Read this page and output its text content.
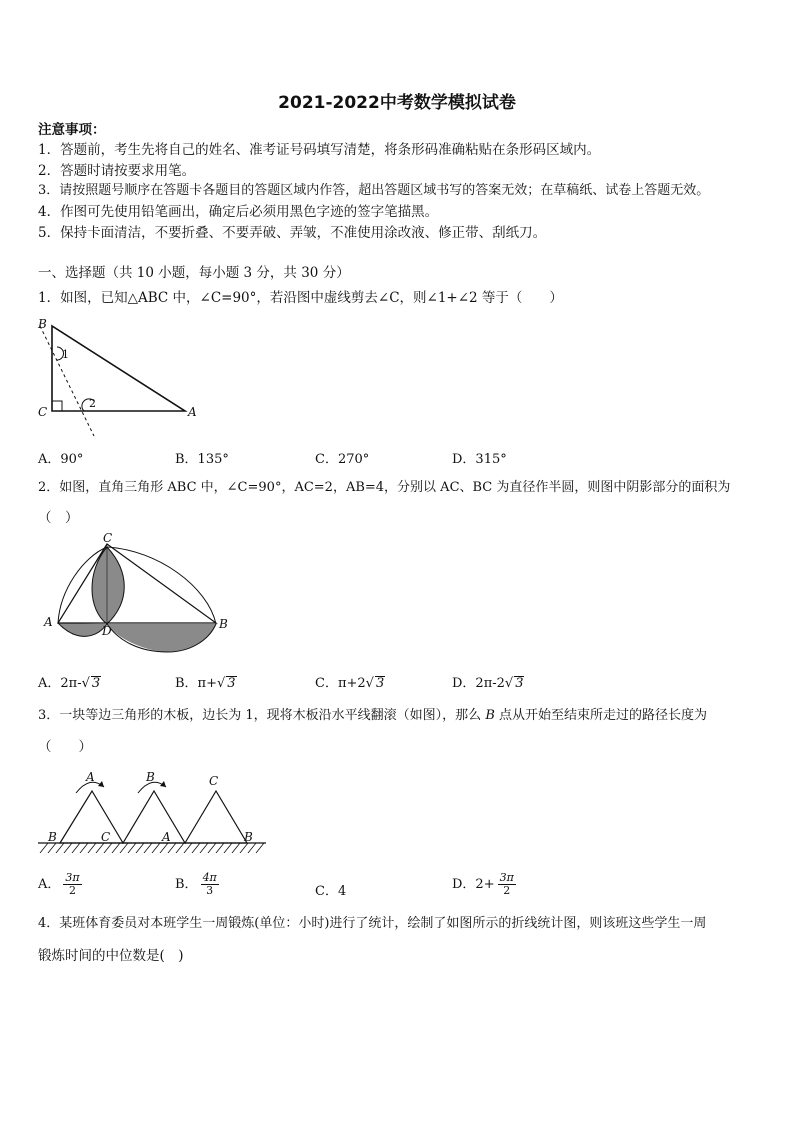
2021-2022中考数学模拟试卷
注意事项：
1．答题前，考生先将自己的姓名、准考证号码填写清楚，将条形码准确粘贴在条形码区域内。
2．答题时请按要求用笔。
3．请按照题号顺序在答题卡各题目的答题区域内作答，超出答题区域书写的答案无效；在草稿纸、试卷上答题无效。
4．作图可先使用铅笔画出，确定后必须用黑色字迹的签字笔描黑。
5．保持卡面清洁，不要折叠、不要弄破、弄皱，不准使用涂改液、修正带、刮纸刀。
一、选择题（共 10 小题，每小题 3 分，共 30 分）
1．如图，已知△ABC 中，∠C=90°，若沿图中虚线剪去∠C，则∠1+∠2 等于（　　）
B
C	A
1
2
A．90°	B．135°	C．270°	D．315°
2．如图，直角三角形 ABC 中，∠C=90°，AC=2，AB=4，分别以 AC、BC 为直径作半圆，则图中阴影部分的面积为
（　）
C
A
D	B
A．2π-√ 3	B．π+√ 3	C．π+2√ 3	D．2π-2√ 3
3．一块等边三角形的木板，边长为 1，现将木板沿水平线翻滚（如图），那么 B 点从开始至结束所走过的路径长度为
（　　）
A	B	C
B	C	A	B
A． $\frac{3\pi}{2}$	B． $\frac{4\pi}{3}$	C．4	D．$2+ \frac{3\pi}{2}$
4．某班体育委员对本班学生一周锻炼(单位：小时)进行了统计，绘制了如图所示的折线统计图，则该班这些学生一周
锻炼时间的中位数是(　)
